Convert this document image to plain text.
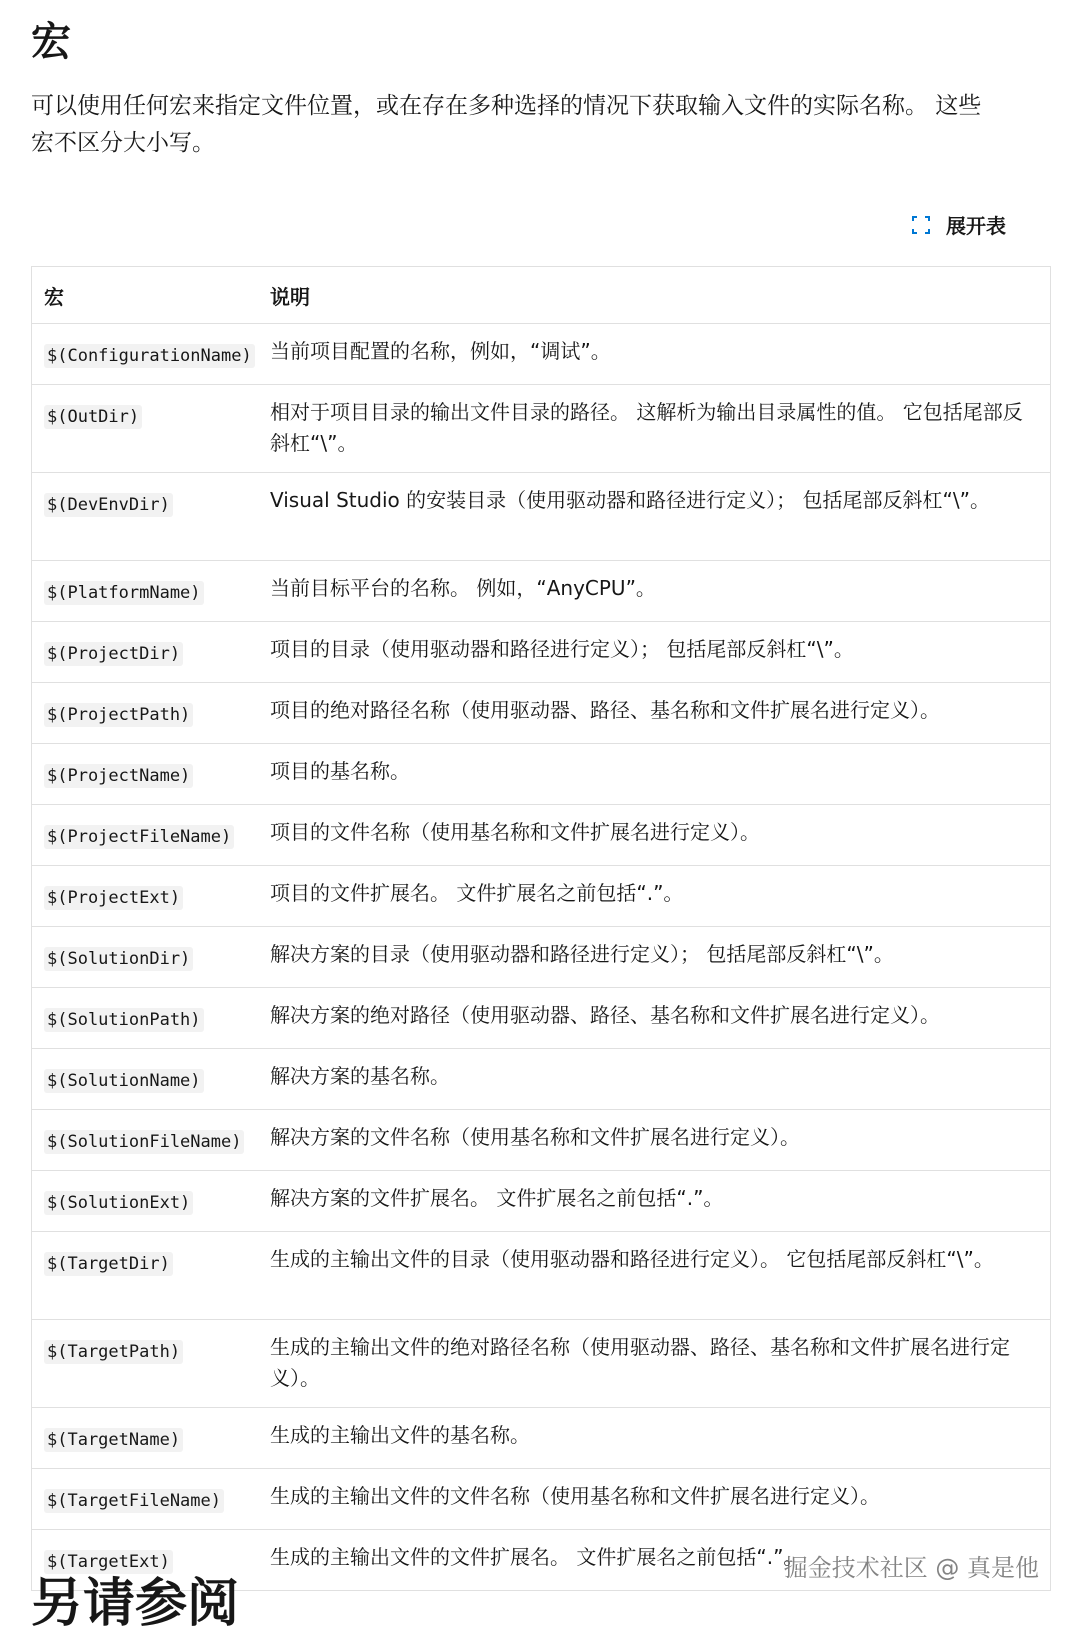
宏

可以使用任何宏来指定文件位置，或在存在多种选择的情况下获取输入文件的实际名称。 这些宏不区分大小写。

展开表
宏	说明
$(ConfigurationName)	当前项目配置的名称，例如，“调试”。
$(OutDir)	相对于项目目录的输出文件目录的路径。 这解析为输出目录属性的值。 它包括尾部反斜杠“\”。
$(DevEnvDir)	Visual Studio 的安装目录（使用驱动器和路径进行定义）； 包括尾部反斜杠“\”。
$(PlatformName)	当前目标平台的名称。 例如，“AnyCPU”。
$(ProjectDir)	项目的目录（使用驱动器和路径进行定义）； 包括尾部反斜杠“\”。
$(ProjectPath)	项目的绝对路径名称（使用驱动器、路径、基名称和文件扩展名进行定义）。
$(ProjectName)	项目的基名称。
$(ProjectFileName)	项目的文件名称（使用基名称和文件扩展名进行定义）。
$(ProjectExt)	项目的文件扩展名。 文件扩展名之前包括“.”。
$(SolutionDir)	解决方案的目录（使用驱动器和路径进行定义）； 包括尾部反斜杠“\”。
$(SolutionPath)	解决方案的绝对路径（使用驱动器、路径、基名称和文件扩展名进行定义）。
$(SolutionName)	解决方案的基名称。
$(SolutionFileName)	解决方案的文件名称（使用基名称和文件扩展名进行定义）。
$(SolutionExt)	解决方案的文件扩展名。 文件扩展名之前包括“.”。
$(TargetDir)	生成的主输出文件的目录（使用驱动器和路径进行定义）。 它包括尾部反斜杠“\”。
$(TargetPath)	生成的主输出文件的绝对路径名称（使用驱动器、路径、基名称和文件扩展名进行定义）。
$(TargetName)	生成的主输出文件的基名称。
$(TargetFileName)	生成的主输出文件的文件名称（使用基名称和文件扩展名进行定义）。
$(TargetExt)	生成的主输出文件的文件扩展名。 文件扩展名之前包括“.”。
另请参阅
掘金技术社区 @ 真是他
